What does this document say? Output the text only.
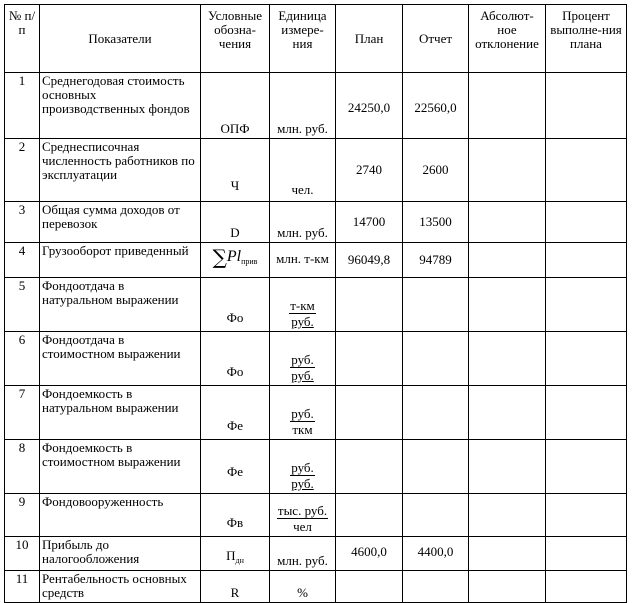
№ п/п	Показатели	Условные обозна-чения	Единица измере-ния	План	Отчет	Абсолют-ное отклонение	Процент выполне-ния плана
1	Среднегодовая стоимость основных производственных фондов	ОПФ	млн. руб.	24250,0	22560,0		
2	Среднесписочная численность работников по эксплуатации	Ч	чел.	2740	2600		
3	Общая сумма доходов от перевозок	D	млн. руб.	14700	13500		
4	Грузооборот приведенный	$\sum Pl_{прив}$	млн. т-км	96049,8	94789		
5	Фондоотдача в натуральном выражении	Фо	$\frac{т-км}{\text{руб.}}$

6	Фондоотдача в стоимостном выражении	Фо	$\frac{\text{руб.}}{\text{руб.}}$

7	Фондоемкость в натуральном выражении	Фе	$\frac{\text{руб.}}{\text{ткм}}$

8	Фондоемкость в стоимостном выражении	Фе	$\frac{\text{руб.}}{\text{руб.}}$

9	Фондовооруженность	Фв	$\frac{\text{тыс. руб.}}{\text{чел}}$

10	Прибыль до налогообложения	$П_{дн}$	млн. руб.	4600,0	4400,0		
11	Рентабельность основных средств	R	%				
